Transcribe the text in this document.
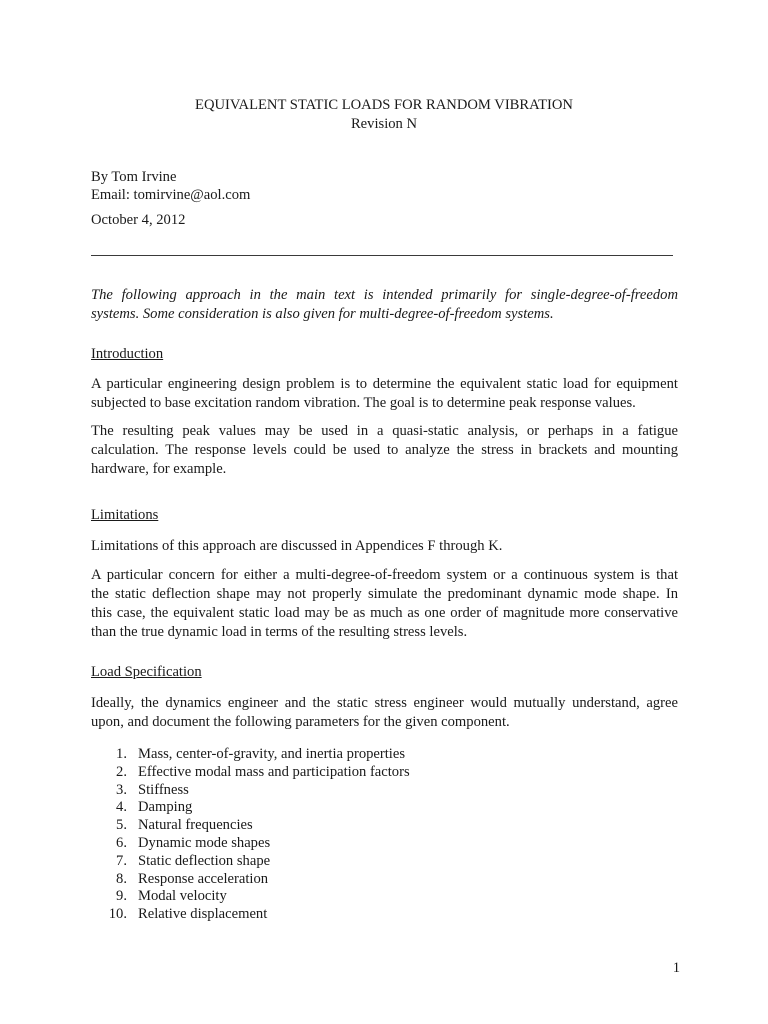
EQUIVALENT STATIC LOADS FOR RANDOM VIBRATION
Revision N
By Tom Irvine
Email: tomirvine@aol.com
October 4, 2012
The following approach in the main text is intended primarily for single-degree-of-freedom
systems. Some consideration is also given for multi-degree-of-freedom systems.
Introduction
A particular engineering design problem is to determine the equivalent static load for equipment
subjected to base excitation random vibration. The goal is to determine peak response values.
The resulting peak values may be used in a quasi-static analysis, or perhaps in a fatigue
calculation. The response levels could be used to analyze the stress in brackets and mounting
hardware, for example.
Limitations
Limitations of this approach are discussed in Appendices F through K.
A particular concern for either a multi-degree-of-freedom system or a continuous system is that
the static deflection shape may not properly simulate the predominant dynamic mode shape. In
this case, the equivalent static load may be as much as one order of magnitude more conservative
than the true dynamic load in terms of the resulting stress levels.
Load Specification
Ideally, the dynamics engineer and the static stress engineer would mutually understand, agree
upon, and document the following parameters for the given component.
1. Mass, center-of-gravity, and inertia properties
2. Effective modal mass and participation factors
3. Stiffness
4. Damping
5. Natural frequencies
6. Dynamic mode shapes
7. Static deflection shape
8. Response acceleration
9. Modal velocity
10. Relative displacement
1
